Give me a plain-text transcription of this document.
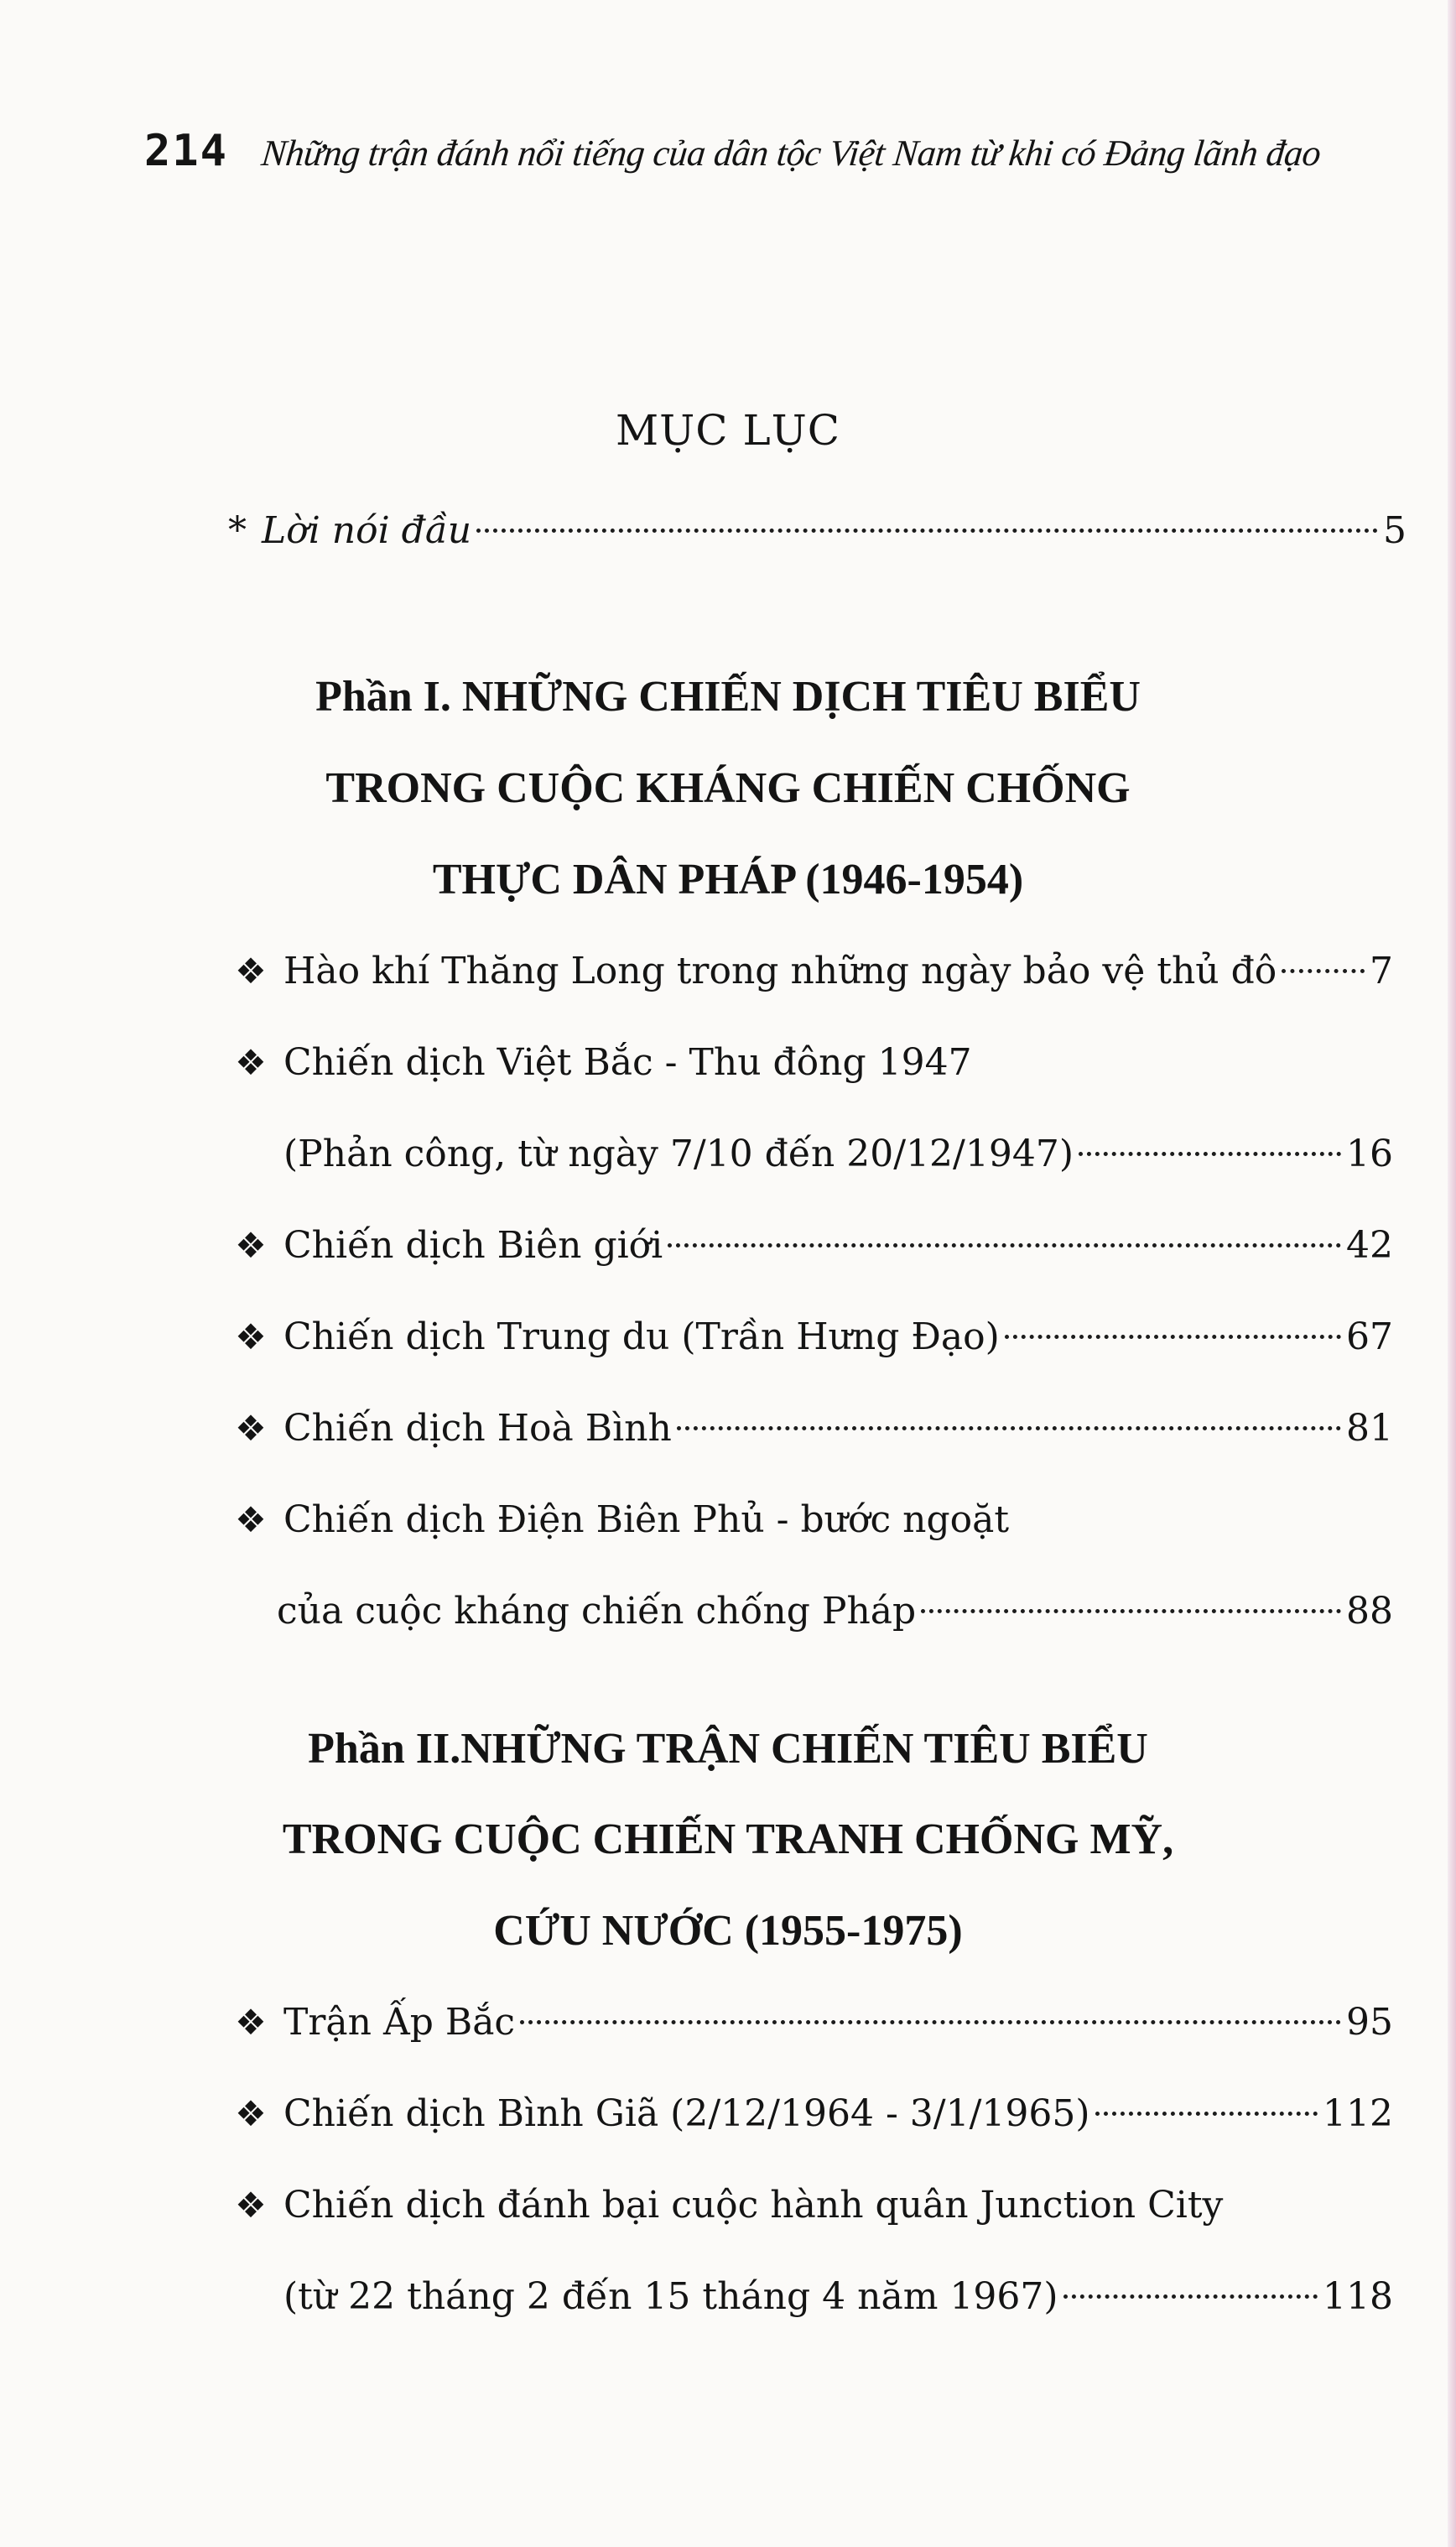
214 Những trận đánh nổi tiếng của dân tộc Việt Nam từ khi có Đảng lãnh đạo
MỤC LỤC
* Lời nói đầu	5
Phần I. NHỮNG CHIẾN DỊCH TIÊU BIỂU
TRONG CUỘC KHÁNG CHIẾN CHỐNG
THỰC DÂN PHÁP (1946-1954)
❖ Hào khí Thăng Long trong những ngày bảo vệ thủ đô	7
❖ Chiến dịch Việt Bắc - Thu đông 1947
(Phản công, từ ngày 7/10 đến 20/12/1947)	16
❖ Chiến dịch Biên giới	42
❖ Chiến dịch Trung du (Trần Hưng Đạo)	67
❖ Chiến dịch Hoà Bình	81
❖ Chiến dịch Điện Biên Phủ - bước ngoặt
của cuộc kháng chiến chống Pháp	88
Phần II.NHỮNG TRẬN CHIẾN TIÊU BIỂU
TRONG CUỘC CHIẾN TRANH CHỐNG MỸ,
CỨU NƯỚC (1955-1975)
❖ Trận Ấp Bắc	95
❖ Chiến dịch Bình Giã (2/12/1964 - 3/1/1965)	112
❖ Chiến dịch đánh bại cuộc hành quân Junction City
(từ 22 tháng 2 đến 15 tháng 4 năm 1967)	118
